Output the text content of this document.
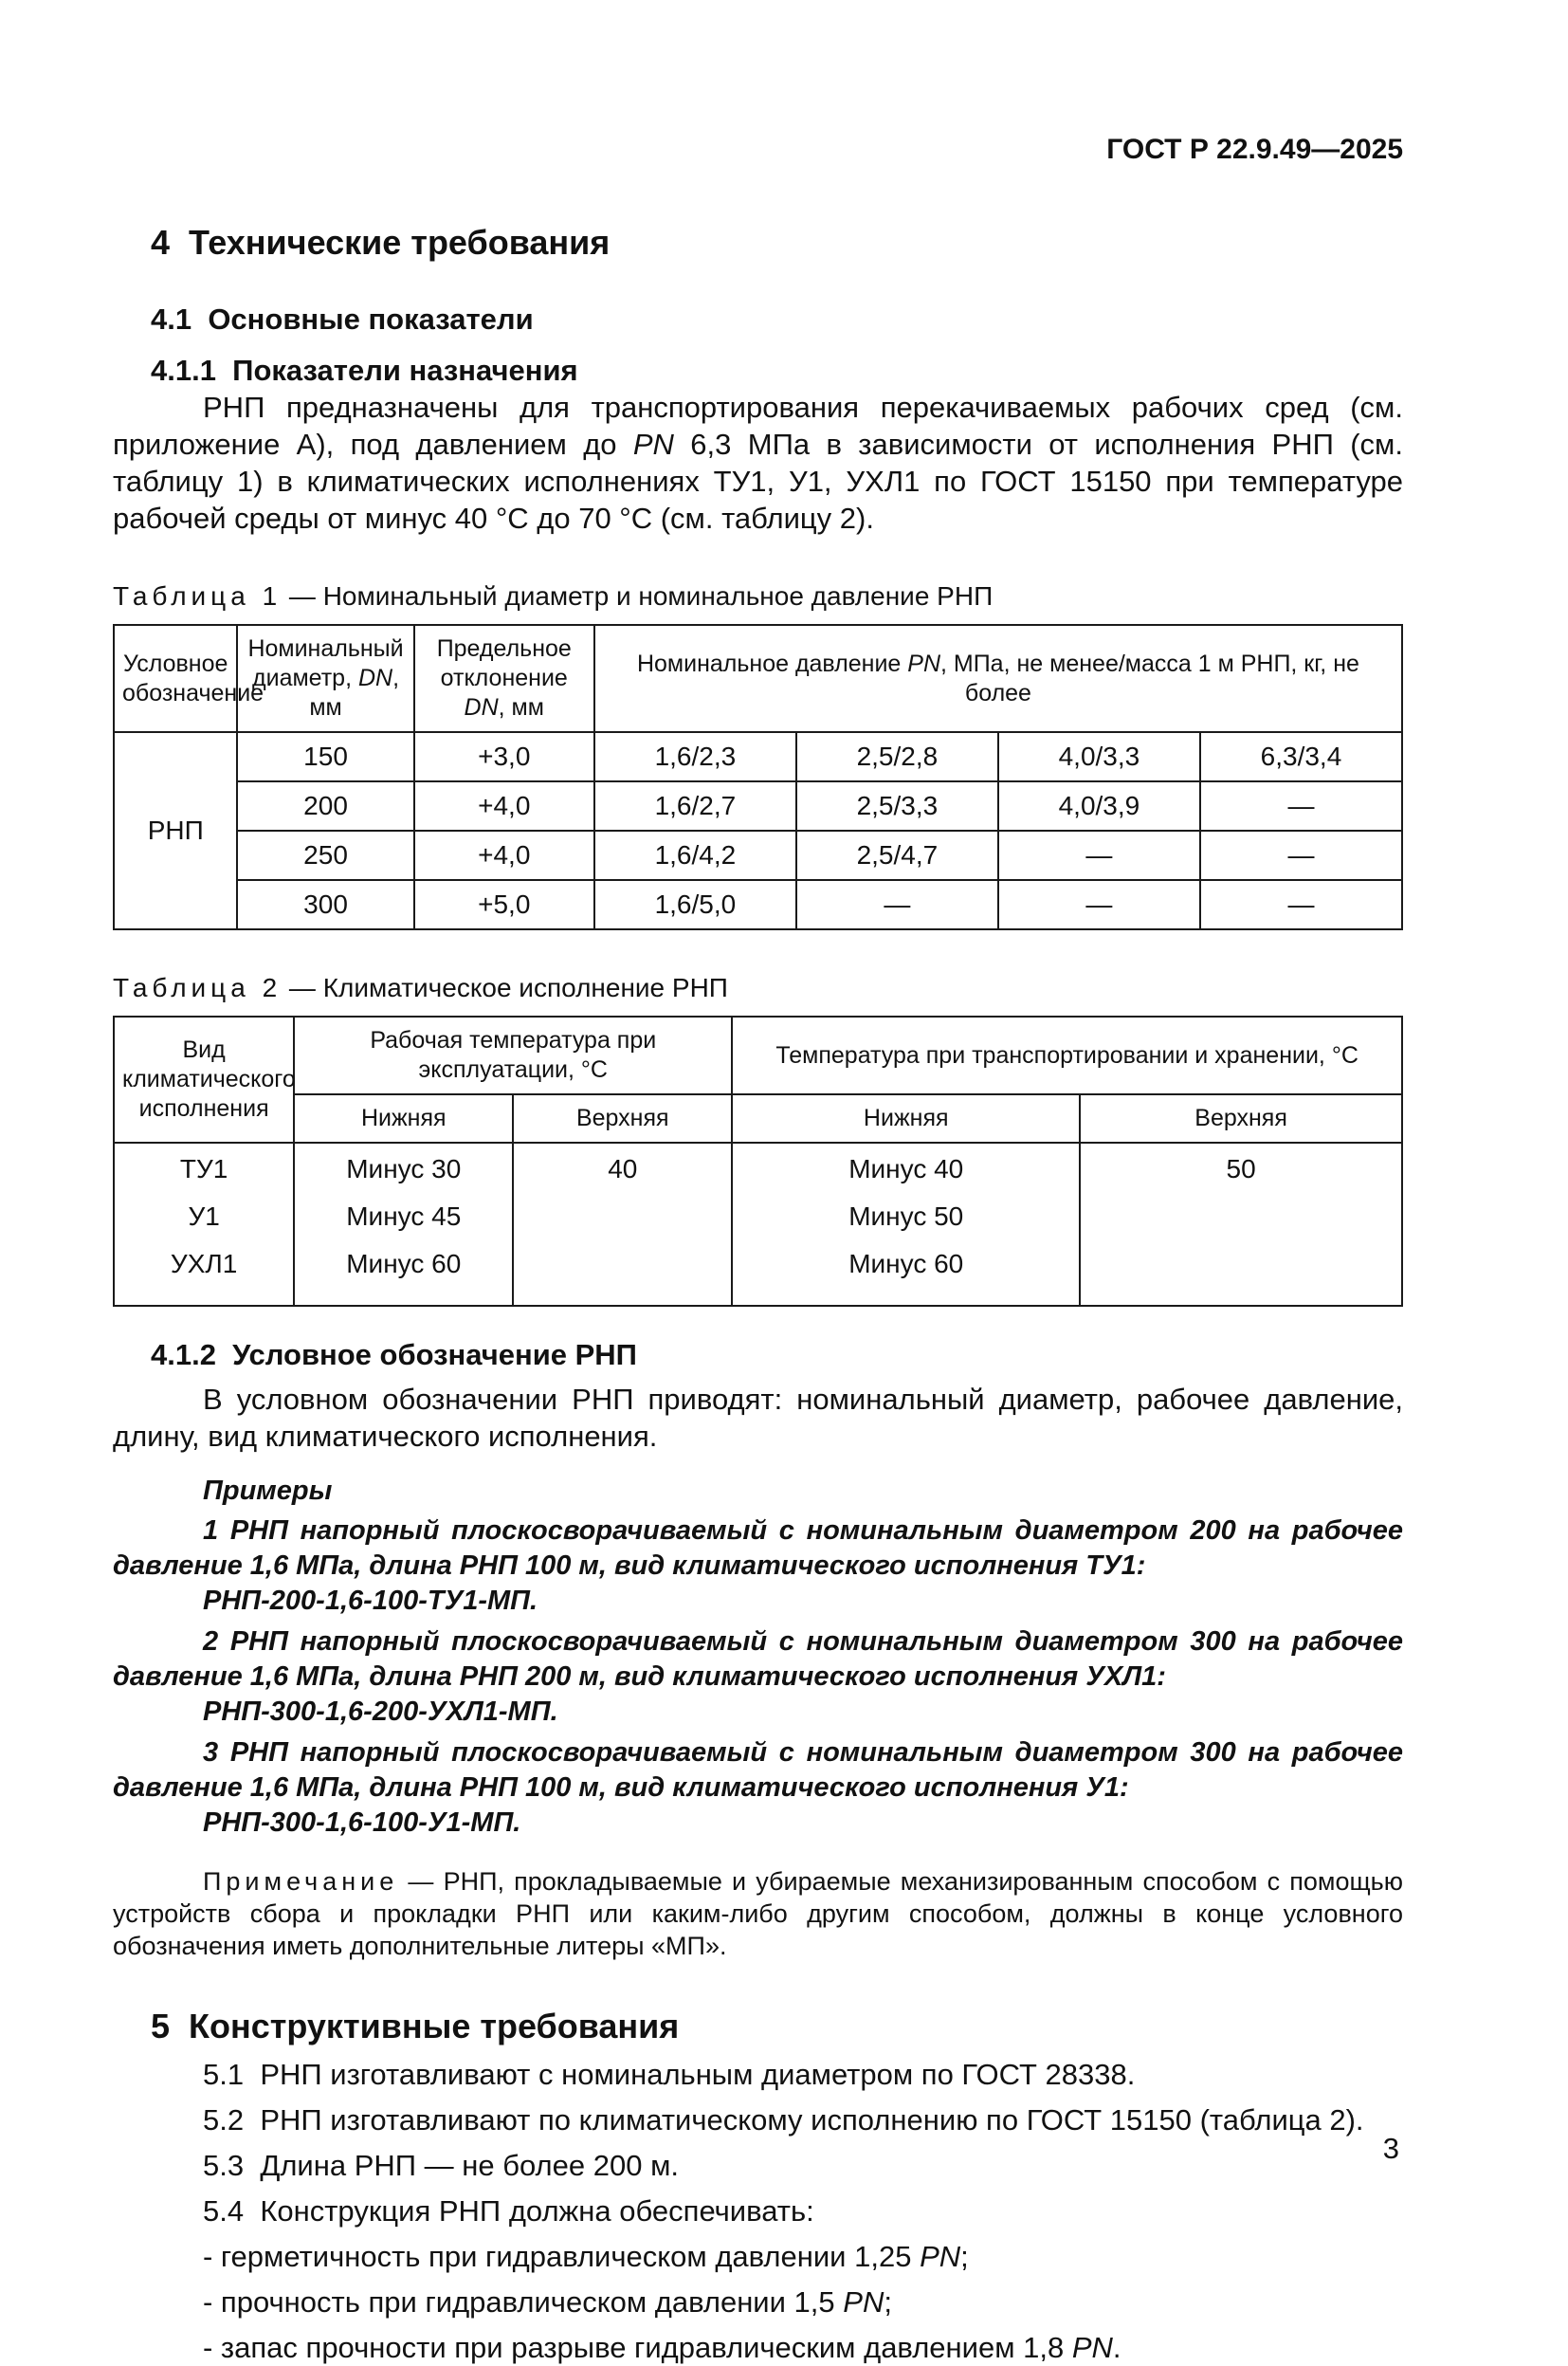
ГОСТ Р 22.9.49—2025
4  Технические требования
4.1  Основные показатели
4.1.1  Показатели назначения

РНП предназначены для транспортирования перекачиваемых рабочих сред (см. приложение А), под давлением до PN 6,3 МПа в зависимости от исполнения РНП (см. таблицу 1) в климатических исполнениях ТУ1, У1, УХЛ1 по ГОСТ 15150 при температуре рабочей среды от минус 40 °С до 70 °С (см. таблицу 2).

Таблица 1 — Номинальный диаметр и номинальное давление РНП

Условное обозначение	Номинальный диаметр, DN, мм	Предельное отклонение DN, мм	Номинальное давление PN, МПа, не менее/масса 1 м РНП, кг, не более			
РНП	150	+3,0	1,6/2,3	2,5/2,8	4,0/3,3	6,3/3,4
	200	+4,0	1,6/2,7	2,5/3,3	4,0/3,9	—
	250	+4,0	1,6/4,2	2,5/4,7	—	—
	300	+5,0	1,6/5,0	—	—	—

Таблица 2 — Климатическое исполнение РНП

Вид климатического исполнения	Рабочая температура при эксплуатации, °С		Температура при транспортировании и хранении, °С	
	Нижняя	Верхняя	Нижняя	Верхняя
ТУ1	Минус 30	40	Минус 40	50
У1	Минус 45		Минус 50	
УХЛ1	Минус 60		Минус 60	
4.1.2  Условное обозначение РНП

В условном обозначении РНП приводят: номинальный диаметр, рабочее давление, длину, вид климатического исполнения.

Примеры

1 РНП напорный плоскосворачиваемый с номинальным диаметром 200 на рабочее давление 1,6 МПа, длина РНП 100 м, вид климатического исполнения ТУ1:

РНП-200-1,6-100-ТУ1-МП.

2 РНП напорный плоскосворачиваемый с номинальным диаметром 300 на рабочее давление 1,6 МПа, длина РНП 200 м, вид климатического исполнения УХЛ1:

РНП-300-1,6-200-УХЛ1-МП.

3 РНП напорный плоскосворачиваемый с номинальным диаметром 300 на рабочее давление 1,6 МПа, длина РНП 100 м, вид климатического исполнения У1:

РНП-300-1,6-100-У1-МП.

Примечание — РНП, прокладываемые и убираемые механизированным способом с помощью устройств сбора и прокладки РНП или каким-либо другим способом, должны в конце условного обозначения иметь дополнительные литеры «МП».

5  Конструктивные требования

5.1  РНП изготавливают с номинальным диаметром по ГОСТ 28338.

5.2  РНП изготавливают по климатическому исполнению по ГОСТ 15150 (таблица 2).

5.3  Длина РНП — не более 200 м.

5.4  Конструкция РНП должна обеспечивать:

- герметичность при гидравлическом давлении 1,25 PN;

- прочность при гидравлическом давлении 1,5 PN;

- запас прочности при разрыве гидравлическим давлением 1,8 PN.

3
